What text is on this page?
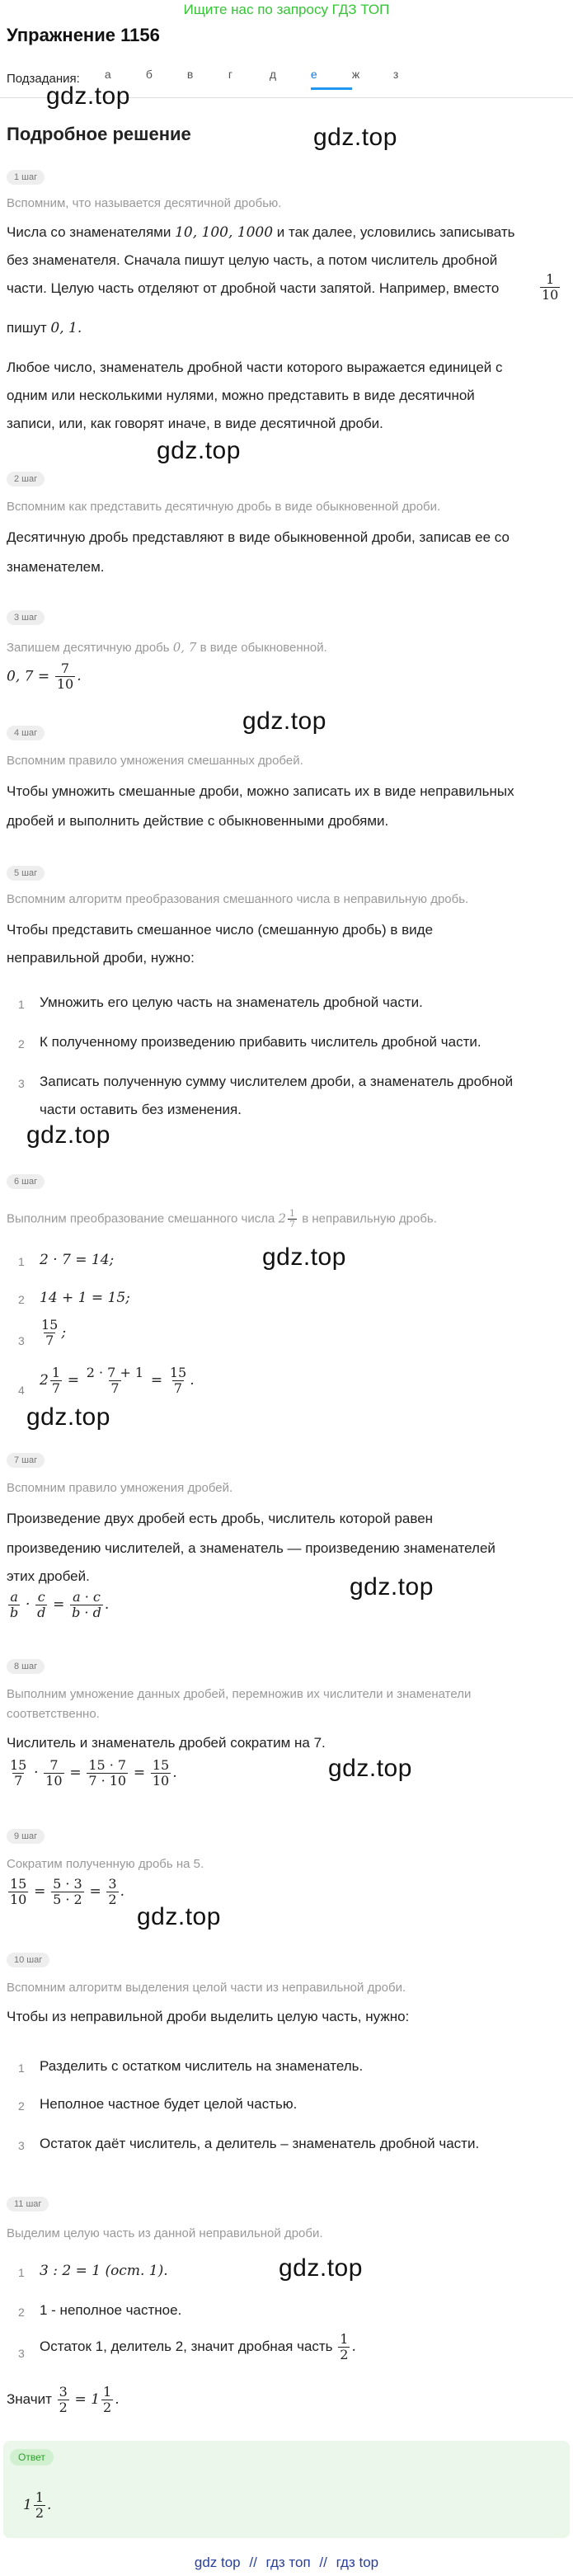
Ищите нас по запросу ГДЗ ТОП
Упражнение 1156
Подзадания: а	б	в	г	д	е	ж	з
Подробное решение
gdz.top
gdz.top
gdz.top
gdz.top
gdz.top
gdz.top
gdz.top
gdz.top
gdz.top
gdz.top
gdz.top
1 шаг
Вспомним, что называется десятичной дробью.
Числа со знаменателями 10, 100, 1000 и так далее, условились записывать
без знаменателя. Сначала пишут целую часть, а потом числитель дробной
части. Целую часть отделяют от дробной части запятой. Например, вместо	$\frac{1}{10}$
пишут 0, 1.
Любое число, знаменатель дробной части которого выражается единицей с
одним или несколькими нулями, можно представить в виде десятичной
записи, или, как говорят иначе, в виде десятичной дроби.
2 шаг
Вспомним как представить десятичную дробь в виде обыкновенной дроби.
Десятичную дробь представляют в виде обыкновенной дроби, записав ее со
знаменателем.
3 шаг
Запишем десятичную дробь 0, 7 в виде обыкновенной.
0, $7 = \frac{7}{10}$ .
4 шаг
Вспомним правило умножения смешанных дробей.
Чтобы умножить смешанные дроби, можно записать их в виде неправильных
дробей и выполнить действие с обыкновенными дробями.
5 шаг
Вспомним алгоритм преобразования смешанного числа в неправильную дробь.
Чтобы представить смешанное число (смешанную дробь) в виде
неправильной дроби, нужно:
1 Умножить его целую часть на знаменатель дробной части.
2 К полученному произведению прибавить числитель дробной части.
3 Записать полученную сумму числителем дроби, а знаменатель дробной
части оставить без изменения.
6 шаг
Выполним преобразование смешанного числа $2 \frac{1}{7}$ в неправильную дробь.
1 2 · 7 = 14;
2 14 + 1 = 15;
$3 \frac{15}{7}$ ;
4
$2 \frac{1}{7} = \frac{2 \cdot 7 + 1}{7} = \frac{15}{7}$ .
7 шаг
Вспомним правило умножения дробей.
Произведение двух дробей есть дробь, числитель которой равен
произведению числителей, а знаменатель — произведению знаменателей
этих дробей.
$\frac{a}{b} \cdot \frac{c}{d} = \frac{a \cdot c}{b \cdot d}$ .
8 шаг
Выполним умножение данных дробей, перемножив их числители и знаменатели
соответственно.
Числитель и знаменатель дробей сократим на 7.
$\frac{15}{7} \cdot \frac{7}{10} = \frac{15 \cdot 7}{7 \cdot 10} = \frac{15}{10}$ .
9 шаг
Сократим полученную дробь на 5.
$\frac{15}{10} = \frac{5 \cdot 3}{5 \cdot 2} = \frac{3}{2}$ .
10 шаг
Вспомним алгоритм выделения целой части из неправильной дроби.
Чтобы из неправильной дроби выделить целую часть, нужно:
1 Разделить с остатком числитель на знаменатель.
2 Неполное частное будет целой частью.
3 Остаток даёт числитель, а делитель – знаменатель дробной части.
11 шаг
Выделим целую часть из данной неправильной дроби.
1 3 : 2 = 1 (ост. 1).
2 1 - неполное частное.
3 Остаток 1, делитель 2, значит дробная часть $\frac{1}{2}$ .
Значит $\frac{3}{2} = 1 \frac{1}{2}$ .
Ответ
$1 \frac{1}{2}$ .
gdz top // гдз топ // гдз top
